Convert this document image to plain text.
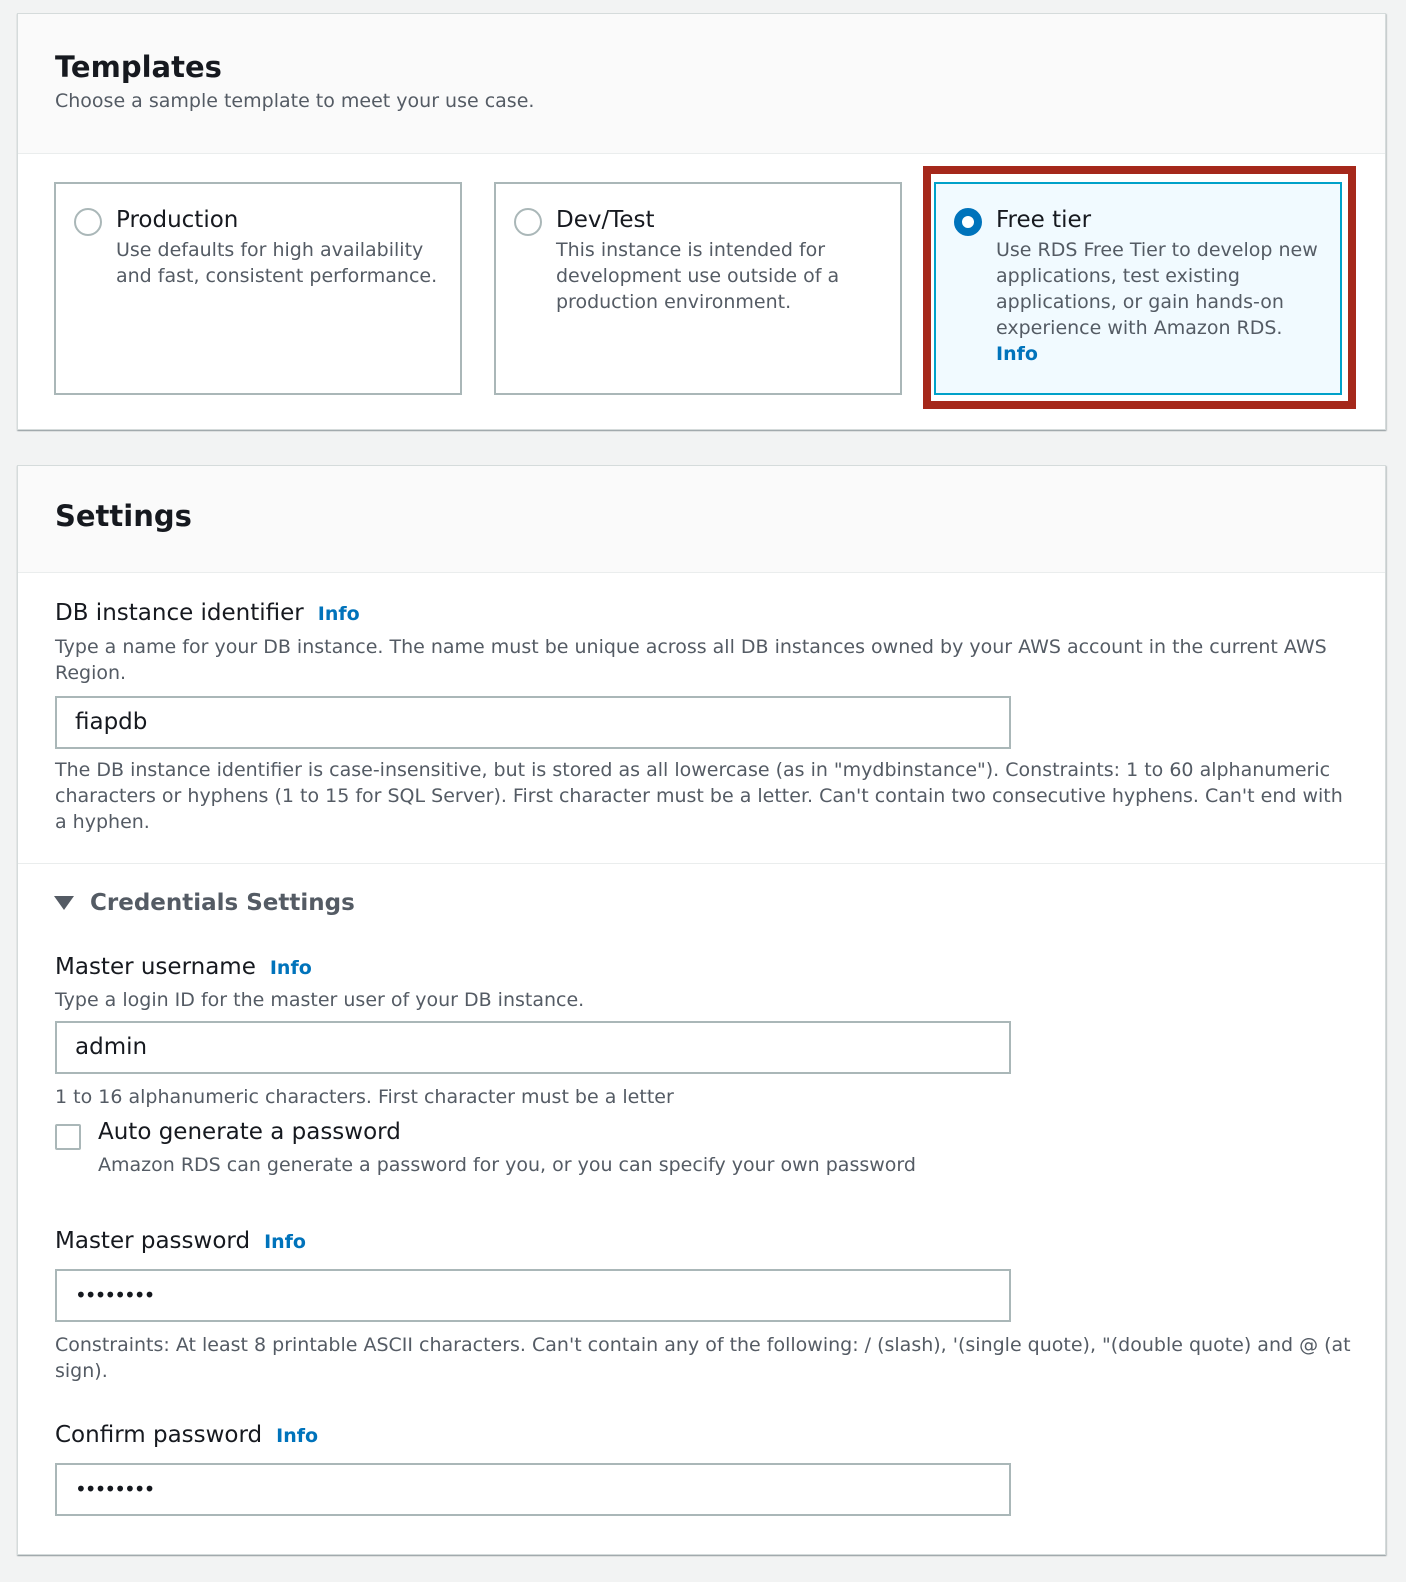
Templates
Choose a sample template to meet your use case.
Production
Use defaults for high availability and fast, consistent performance.
Dev/Test
This instance is intended for development use outside of a production environment.
Free tier
Use RDS Free Tier to develop new applications, test existing applications, or gain hands-on experience with Amazon RDS.
Info
Settings
DB instance identifier Info
Type a name for your DB instance. The name must be unique across all DB instances owned by your AWS account in the current AWS Region.
fiapdb
The DB instance identifier is case-insensitive, but is stored as all lowercase (as in "mydbinstance"). Constraints: 1 to 60 alphanumeric characters or hyphens (1 to 15 for SQL Server). First character must be a letter. Can't contain two consecutive hyphens. Can't end with a hyphen.
Credentials Settings
Master username Info
Type a login ID for the master user of your DB instance.
admin
1 to 16 alphanumeric characters. First character must be a letter
Auto generate a password
Amazon RDS can generate a password for you, or you can specify your own password
Master password Info
••••••••
Constraints: At least 8 printable ASCII characters. Can't contain any of the following: / (slash), '(single quote), "(double quote) and @ (at sign).
Confirm password Info
••••••••
